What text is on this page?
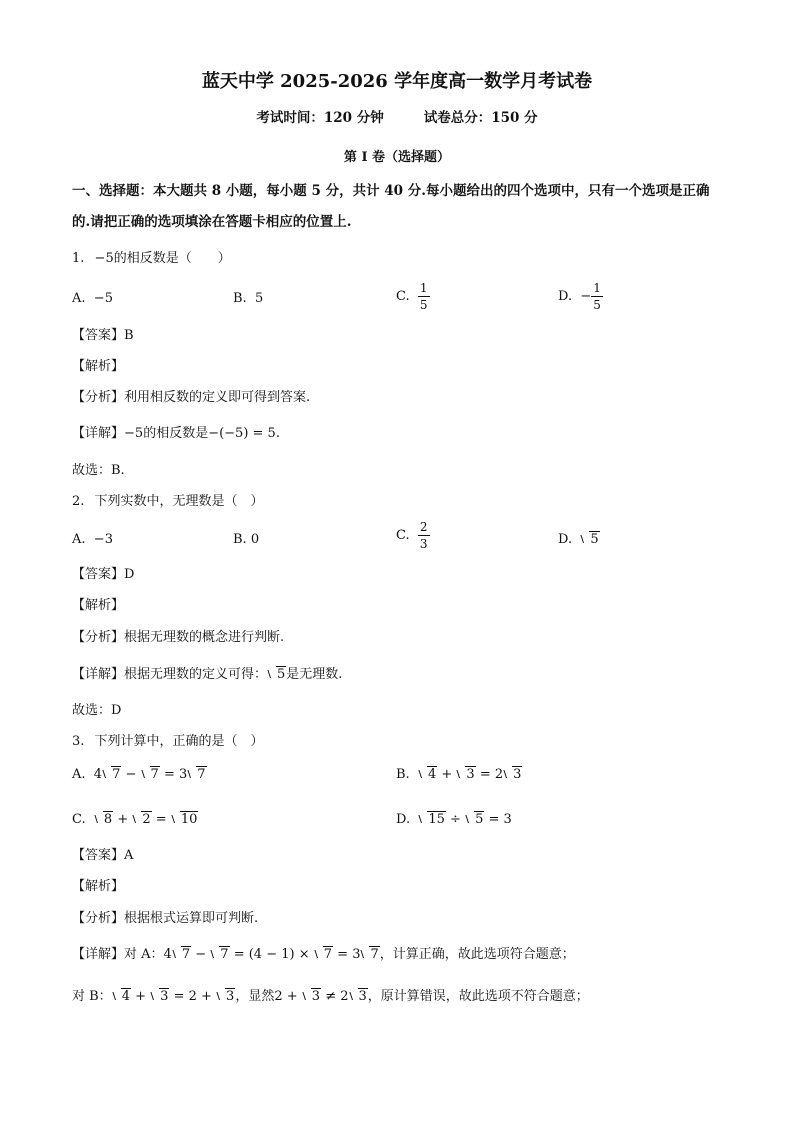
蓝天中学 2025-2026 学年度高一数学月考试卷
考试时间：120 分钟	试卷总分：150 分
第 I 卷（选择题）
一、选择题：本大题共 8 小题，每小题 5 分，共计 40 分.每小题给出的四个选项中，只有一个选项是正确的.请把正确的选项填涂在答题卡相应的位置上.
1. −5的相反数是（　　）
A. −5	B. 5	C. $\frac{1}{5}$	D. − $\frac{1}{5}$
【答案】B
【解析】
【分析】利用相反数的定义即可得到答案.
【详解】−5的相反数是−(−5) = 5.
故选：B.
2. 下列实数中，无理数是（　）
A. −3	B. 0	C. $\frac{2}{3}$	D. 5
【答案】D
【解析】
【分析】根据无理数的概念进行判断.
【详解】根据无理数的定义可得： 5是无理数.
故选：D
3. 下列计算中，正确的是（　）
A. 4 7 − 7 = 3 7	B. 4 + 3 = 2 3
C. 8 + 2 = 10	D. 15 ÷ 5 = 3
【答案】A
【解析】
【分析】根据根式运算即可判断.
【详解】对 A：4 7 − 7 = (4 − 1) × 7 = 3 7，计算正确，故此选项符合题意；
对 B： 4 + 3 = 2 + 3，显然2 + 3 ≠ 2 3，原计算错误，故此选项不符合题意；
